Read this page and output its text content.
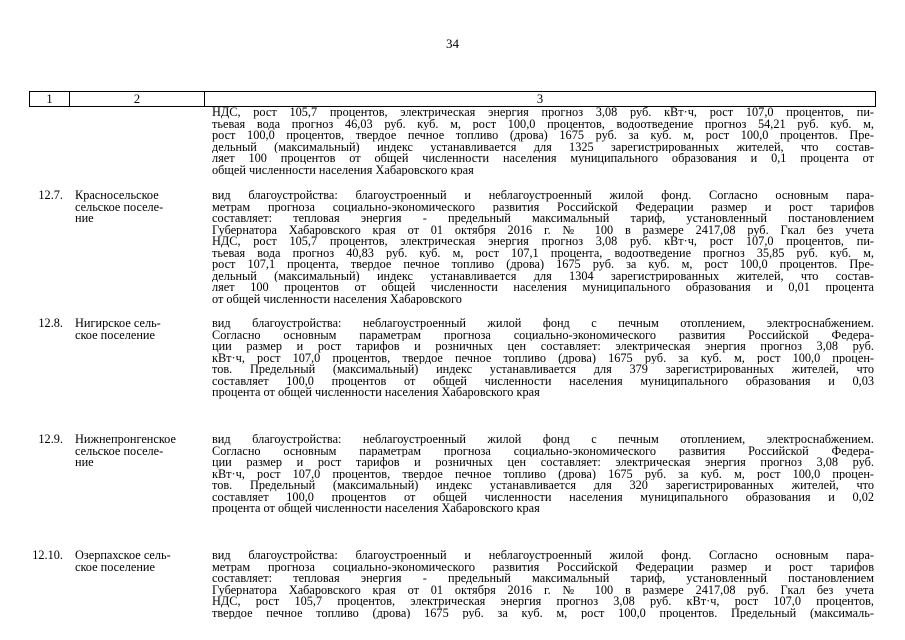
34
1	2	3
НДС, рост 105,7 процентов, электрическая энергия прогноз 3,08 руб. кВт·ч, рост 107,0 процентов, пи-
тьевая вода прогноз 46,03 руб. куб. м, рост 100,0 процентов, водоотведение прогноз 54,21 руб. куб. м,
рост 100,0 процентов, твердое печное топливо (дрова) 1675 руб. за куб. м, рост 100,0 процентов. Пре-
дельный (максимальный) индекс устанавливается для 1325 зарегистрированных жителей, что состав-
ляет 100 процентов от общей численности населения муниципального образования и 0,1 процента от
общей численности населения Хабаровского края
12.7. Красносельское
сельское поселе-
ние
вид благоустройства: благоустроенный и неблагоустроенный жилой фонд. Согласно основным пара-
метрам прогноза социально-экономического развития Российской Федерации размер и рост тарифов
составляет: тепловая энергия - предельный максимальный тариф, установленный постановлением
Губернатора Хабаровского края от 01 октября 2016 г. № 100 в размере 2417,08 руб. Гкал без учета
НДС, рост 105,7 процентов, электрическая энергия прогноз 3,08 руб. кВт·ч, рост 107,0 процентов, пи-
тьевая вода прогноз 40,83 руб. куб. м, рост 107,1 процента, водоотведение прогноз 35,85 руб. куб. м,
рост 107,1 процента, твердое печное топливо (дрова) 1675 руб. за куб. м, рост 100,0 процентов. Пре-
дельный (максимальный) индекс устанавливается для 1304 зарегистрированных жителей, что состав-
ляет 100 процентов от общей численности населения муниципального образования и 0,01 процента
от общей численности населения Хабаровского
12.8. Нигирское сель-
ское поселение
вид благоустройства: неблагоустроенный жилой фонд с печным отоплением, электроснабжением.
Согласно основным параметрам прогноза социально-экономического развития Российской Федера-
ции размер и рост тарифов и розничных цен составляет: электрическая энергия прогноз 3,08 руб.
кВт·ч, рост 107,0 процентов, твердое печное топливо (дрова) 1675 руб. за куб. м, рост 100,0 процен-
тов. Предельный (максимальный) индекс устанавливается для 379 зарегистрированных жителей, что
составляет 100,0 процентов от общей численности населения муниципального образования и 0,03
процента от общей численности населения Хабаровского края
12.9. Нижнепронгенское
сельское поселе-
ние
вид благоустройства: неблагоустроенный жилой фонд с печным отоплением, электроснабжением.
Согласно основным параметрам прогноза социально-экономического развития Российской Федера-
ции размер и рост тарифов и розничных цен составляет: электрическая энергия прогноз 3,08 руб.
кВт·ч, рост 107,0 процентов, твердое печное топливо (дрова) 1675 руб. за куб. м, рост 100,0 процен-
тов. Предельный (максимальный) индекс устанавливается для 320 зарегистрированных жителей, что
составляет 100,0 процентов от общей численности населения муниципального образования и 0,02
процента от общей численности населения Хабаровского края
12.10. Озерпахское сель-
ское поселение
вид благоустройства: благоустроенный и неблагоустроенный жилой фонд. Согласно основным пара-
метрам прогноза социально-экономического развития Российской Федерации размер и рост тарифов
составляет: тепловая энергия - предельный максимальный тариф, установленный постановлением
Губернатора Хабаровского края от 01 октября 2016 г. № 100 в размере 2417,08 руб. Гкал без учета
НДС, рост 105,7 процентов, электрическая энергия прогноз 3,08 руб. кВт·ч, рост 107,0 процентов,
твердое печное топливо (дрова) 1675 руб. за куб. м, рост 100,0 процентов. Предельный (максималь-
